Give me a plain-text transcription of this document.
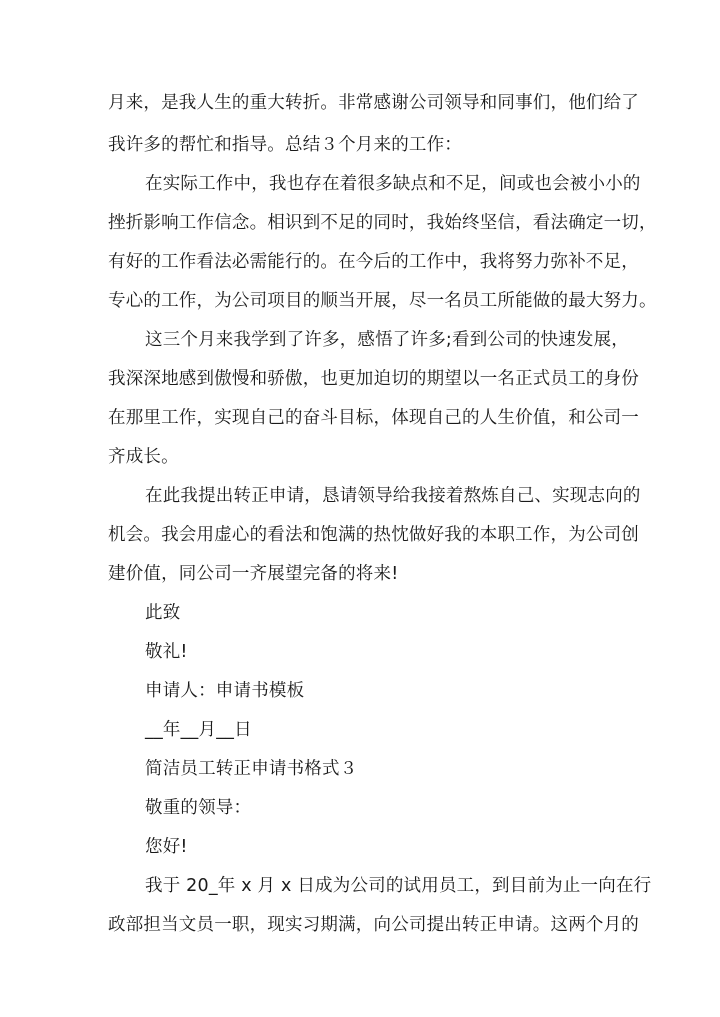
月来，是我人生的重大转折。非常感谢公司领导和同事们，他们给了
我许多的帮忙和指导。总结３个月来的工作：
在实际工作中，我也存在着很多缺点和不足，间或也会被小小的
挫折影响工作信念。相识到不足的同时，我始终坚信，看法确定一切，
有好的工作看法必需能行的。在今后的工作中，我将努力弥补不足，
专心的工作，为公司项目的顺当开展，尽一名员工所能做的最大努力。
这三个月来我学到了许多，感悟了许多;看到公司的快速发展，
我深深地感到傲慢和骄傲，也更加迫切的期望以一名正式员工的身份
在那里工作，实现自己的奋斗目标，体现自己的人生价值，和公司一
齐成长。
在此我提出转正申请，恳请领导给我接着熬炼自己、实现志向的
机会。我会用虚心的看法和饱满的热忱做好我的本职工作，为公司创
建价值，同公司一齐展望完备的将来!
此致
敬礼!
申请人：申请书模板
__年__月__日
简洁员工转正申请书格式３
敬重的领导：
您好!
我于 20_年 x 月 x 日成为公司的试用员工，到目前为止一向在行
政部担当文员一职，现实习期满，向公司提出转正申请。这两个月的
